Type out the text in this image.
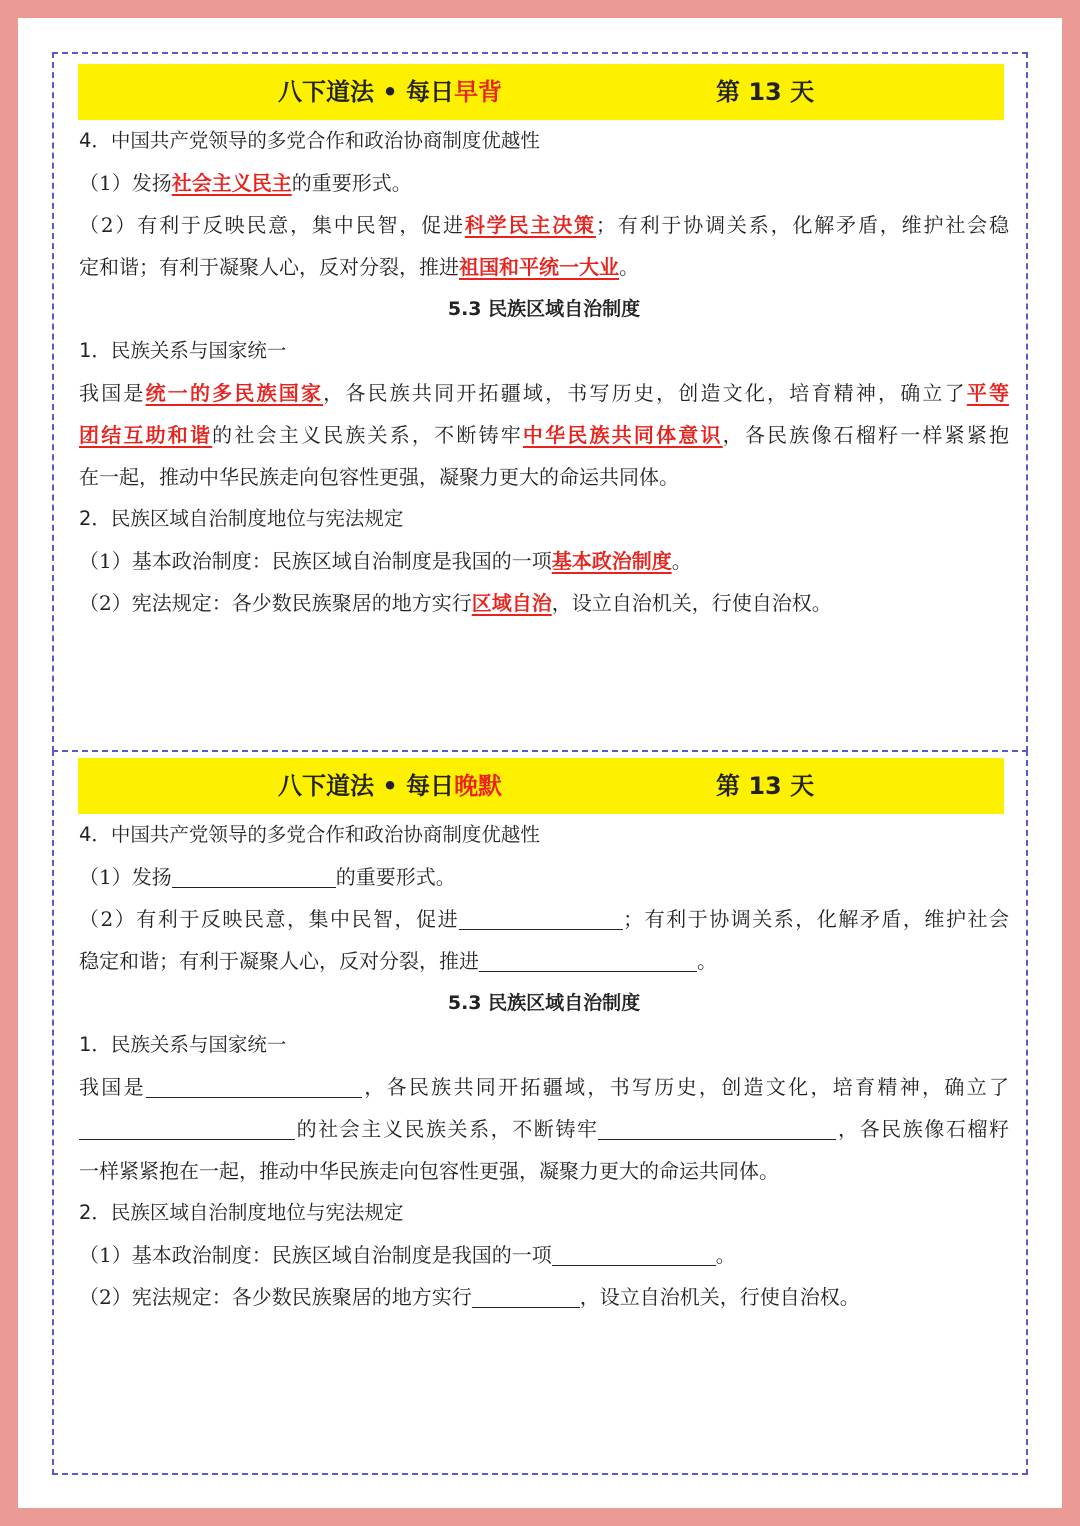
八下道法 • 每日早背	第 13 天
4．中国共产党领导的多党合作和政治协商制度优越性
（1）发扬社会主义民主的重要形式。
（2）有利于反映民意，集中民智，促进科学民主决策；有利于协调关系，化解矛盾，维护社会稳
定和谐；有利于凝聚人心，反对分裂，推进祖国和平统一大业。
5.3 民族区域自治制度
1．民族关系与国家统一
我国是统一的多民族国家，各民族共同开拓疆域，书写历史，创造文化，培育精神，确立了平等
团结互助和谐的社会主义民族关系，不断铸牢中华民族共同体意识，各民族像石榴籽一样紧紧抱
在一起，推动中华民族走向包容性更强，凝聚力更大的命运共同体。
2．民族区域自治制度地位与宪法规定
（1）基本政治制度：民族区域自治制度是我国的一项基本政治制度。
（2）宪法规定：各少数民族聚居的地方实行区域自治，设立自治机关，行使自治权。
八下道法 • 每日晚默	第 13 天
4．中国共产党领导的多党合作和政治协商制度优越性
（1）发扬	的重要形式。
（2）有利于反映民意，集中民智，促进	；有利于协调关系，化解矛盾，维护社会
稳定和谐；有利于凝聚人心，反对分裂，推进	。
5.3 民族区域自治制度
1．民族关系与国家统一
我国是	，各民族共同开拓疆域，书写历史，创造文化，培育精神，确立了
的社会主义民族关系，不断铸牢	，各民族像石榴籽
一样紧紧抱在一起，推动中华民族走向包容性更强，凝聚力更大的命运共同体。
2．民族区域自治制度地位与宪法规定
（1）基本政治制度：民族区域自治制度是我国的一项	。
（2）宪法规定：各少数民族聚居的地方实行	，设立自治机关，行使自治权。
